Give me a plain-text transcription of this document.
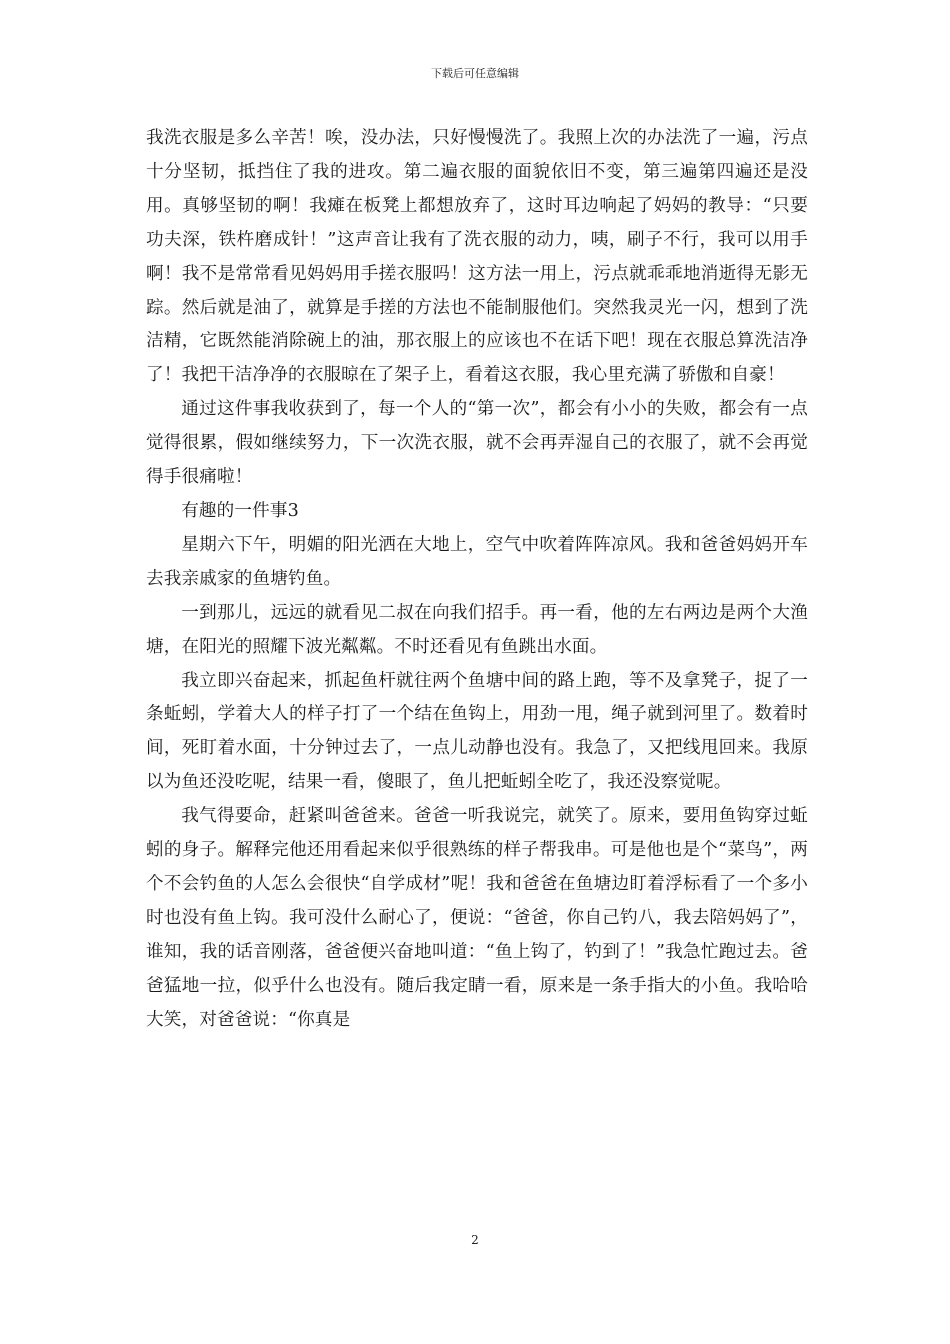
下载后可任意编辑

我洗衣服是多么辛苦！唉，没办法，只好慢慢洗了。我照上次的办法洗了一遍，污点十分坚韧，抵挡住了我的进攻。第二遍衣服的面貌依旧不变，第三遍第四遍还是没用。真够坚韧的啊！我瘫在板凳上都想放弃了，这时耳边响起了妈妈的教导：“只要功夫深，铁杵磨成针！”这声音让我有了洗衣服的动力，咦，刷子不行，我可以用手啊！我不是常常看见妈妈用手搓衣服吗！这方法一用上，污点就乖乖地消逝得无影无踪。然后就是油了，就算是手搓的方法也不能制服他们。突然我灵光一闪，想到了洗洁精，它既然能消除碗上的油，那衣服上的应该也不在话下吧！现在衣服总算洗洁净了！我把干洁净净的衣服晾在了架子上，看着这衣服，我心里充满了骄傲和自豪！

通过这件事我收获到了，每一个人的“第一次”，都会有小小的失败，都会有一点觉得很累，假如继续努力，下一次洗衣服，就不会再弄湿自己的衣服了，就不会再觉得手很痛啦！

有趣的一件事3

星期六下午，明媚的阳光洒在大地上，空气中吹着阵阵凉风。我和爸爸妈妈开车去我亲戚家的鱼塘钓鱼。

一到那儿，远远的就看见二叔在向我们招手。再一看，他的左右两边是两个大渔塘，在阳光的照耀下波光粼粼。不时还看见有鱼跳出水面。

我立即兴奋起来，抓起鱼杆就往两个鱼塘中间的路上跑，等不及拿凳子，捉了一条蚯蚓，学着大人的样子打了一个结在鱼钩上，用劲一甩，绳子就到河里了。数着时间，死盯着水面，十分钟过去了，一点儿动静也没有。我急了，又把线甩回来。我原以为鱼还没吃呢，结果一看，傻眼了，鱼儿把蚯蚓全吃了，我还没察觉呢。

我气得要命，赶紧叫爸爸来。爸爸一听我说完，就笑了。原来，要用鱼钩穿过蚯蚓的身子。解释完他还用看起来似乎很熟练的样子帮我串。可是他也是个“菜鸟”，两个不会钓鱼的人怎么会很快“自学成材”呢！我和爸爸在鱼塘边盯着浮标看了一个多小时也没有鱼上钩。我可没什么耐心了，便说：“爸爸，你自己钓八，我去陪妈妈了”，谁知，我的话音刚落，爸爸便兴奋地叫道：“鱼上钩了，钓到了！”我急忙跑过去。爸爸猛地一拉，似乎什么也没有。随后我定睛一看，原来是一条手指大的小鱼。我哈哈大笑，对爸爸说：“你真是

2
